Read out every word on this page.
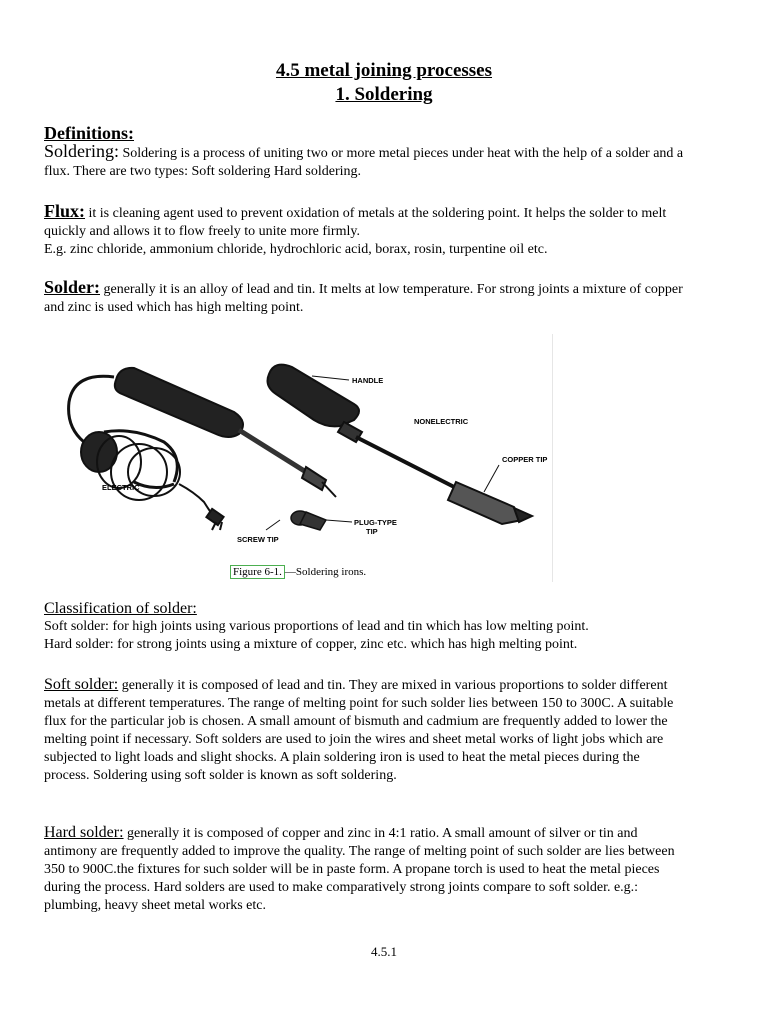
4.5 metal joining processes
1. Soldering
Definitions:

Soldering: Soldering is a process of uniting two or more metal pieces under heat with the help of a solder and a flux. There are two types: Soft soldering Hard soldering.

Flux: it is cleaning agent used to prevent oxidation of metals at the soldering point. It helps the solder to melt quickly and allows it to flow freely to unite more firmly.

E.g. zinc chloride, ammonium chloride, hydrochloric acid, borax, rosin, turpentine oil etc.

Solder: generally it is an alloy of lead and tin. It melts at low temperature. For strong joints a mixture of copper and zinc is used which has high melting point.

HANDLE
NONELECTRIC
COPPER TIP
ELECTRIC
PLUG-TYPE
TIP
SCREW TIP
Figure 6-1. —Soldering irons.
Classification of solder:

Soft solder: for high joints using various proportions of lead and tin which has low melting point.

Hard solder: for strong joints using a mixture of copper, zinc etc. which has high melting point.

Soft solder: generally it is composed of lead and tin. They are mixed in various proportions to solder different metals at different temperatures. The range of melting point for such solder lies between 150 to 300C. A suitable flux for the particular job is chosen. A small amount of bismuth and cadmium are frequently added to lower the melting point if necessary. Soft solders are used to join the wires and sheet metal works of light jobs which are subjected to light loads and slight shocks. A plain soldering iron is used to heat the metal pieces during the process. Soldering using soft solder is known as soft soldering.

Hard solder: generally it is composed of copper and zinc in 4:1 ratio. A small amount of silver or tin and antimony are frequently added to improve the quality. The range of melting point of such solder are lies between 350 to 900C.the fixtures for such solder will be in paste form. A propane torch is used to heat the metal pieces during the process. Hard solders are used to make comparatively strong joints compare to soft solder. e.g.: plumbing, heavy sheet metal works etc.

4.5.1
